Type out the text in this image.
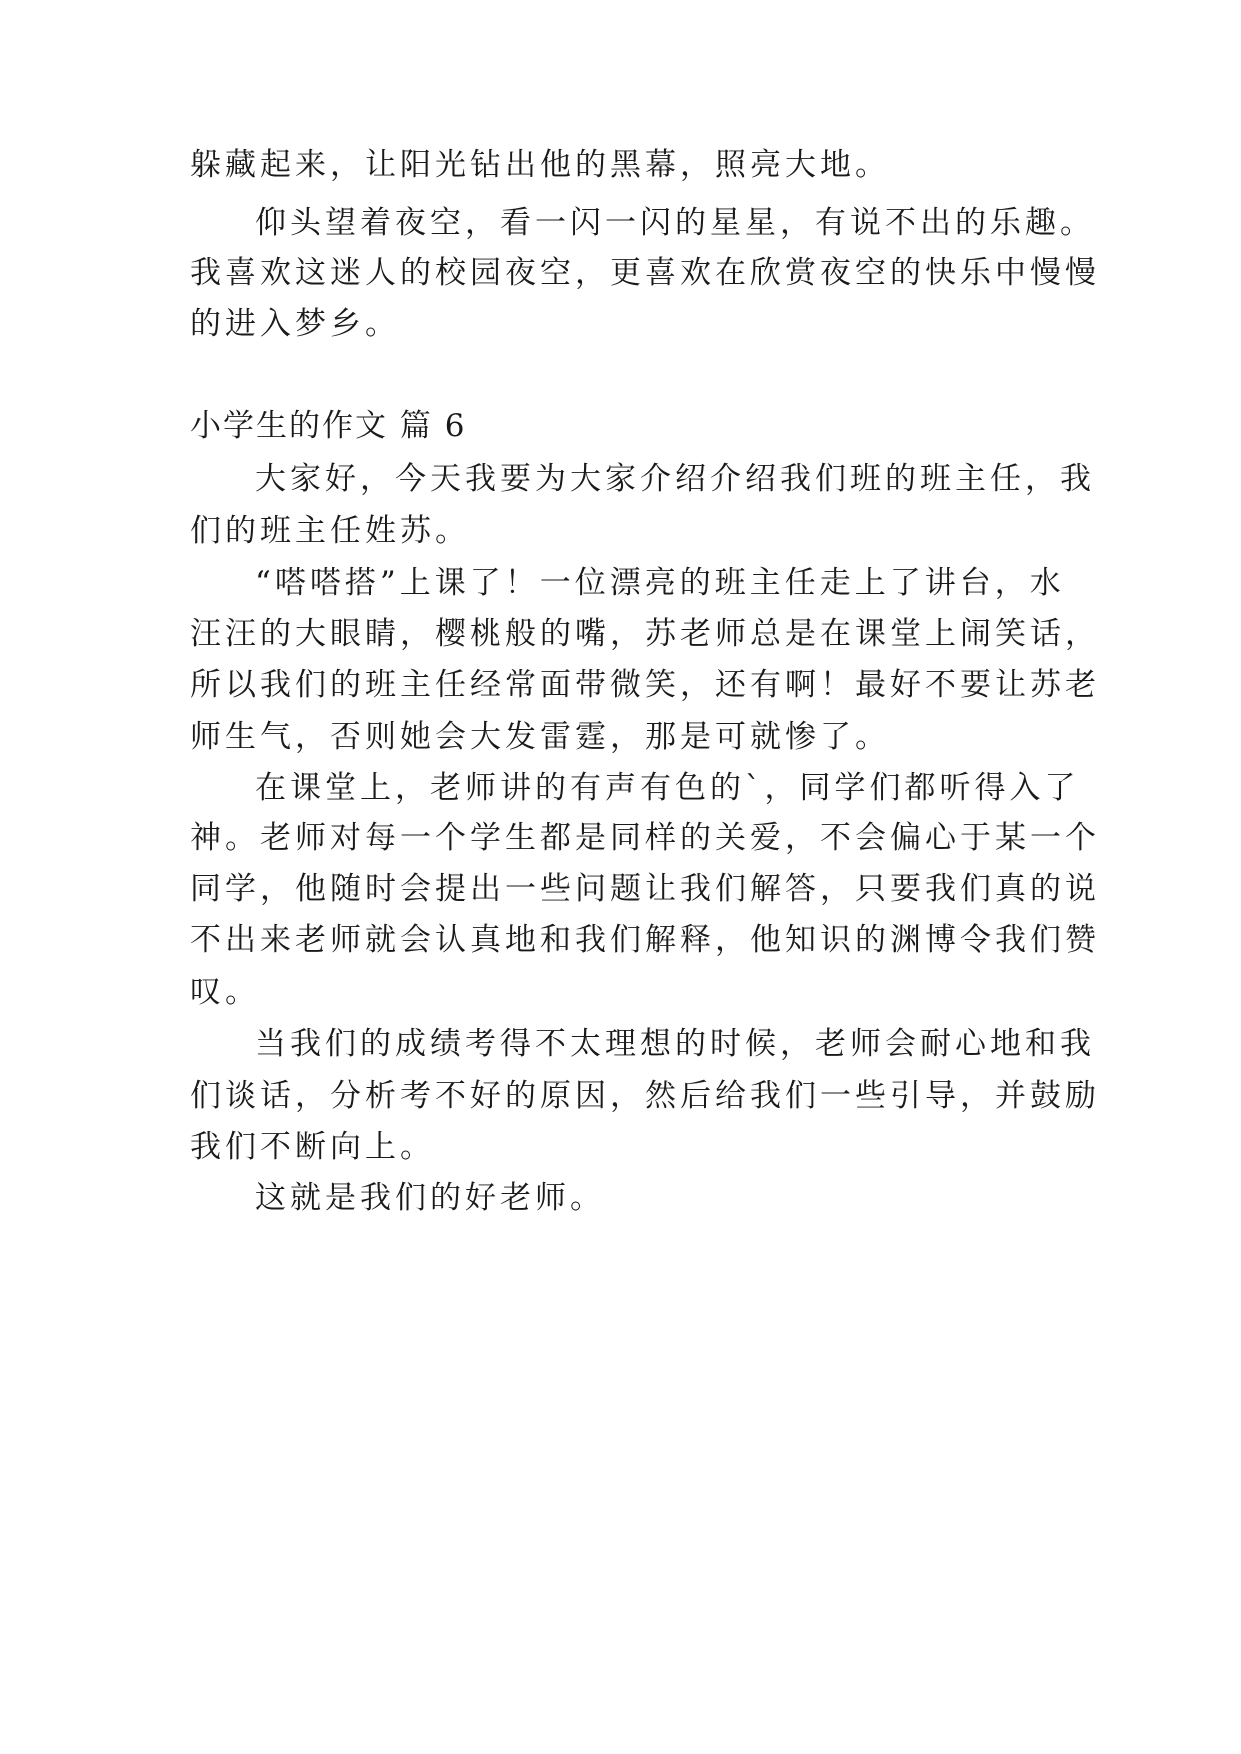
躲藏起来，让阳光钻出他的黑幕，照亮大地。
仰头望着夜空，看一闪一闪的星星，有说不出的乐趣。
我喜欢这迷人的校园夜空，更喜欢在欣赏夜空的快乐中慢慢
的进入梦乡。
小学生的作文 篇 6
大家好，今天我要为大家介绍介绍我们班的班主任，我
们的班主任姓苏。
“嗒嗒搭”上课了！一位漂亮的班主任走上了讲台，水
汪汪的大眼睛，樱桃般的嘴，苏老师总是在课堂上闹笑话，
所以我们的班主任经常面带微笑，还有啊！最好不要让苏老
师生气，否则她会大发雷霆，那是可就惨了。
在课堂上，老师讲的有声有色的`，同学们都听得入了
神。老师对每一个学生都是同样的关爱，不会偏心于某一个
同学，他随时会提出一些问题让我们解答，只要我们真的说
不出来老师就会认真地和我们解释，他知识的渊博令我们赞
叹。
当我们的成绩考得不太理想的时候，老师会耐心地和我
们谈话，分析考不好的原因，然后给我们一些引导，并鼓励
我们不断向上。
这就是我们的好老师。
